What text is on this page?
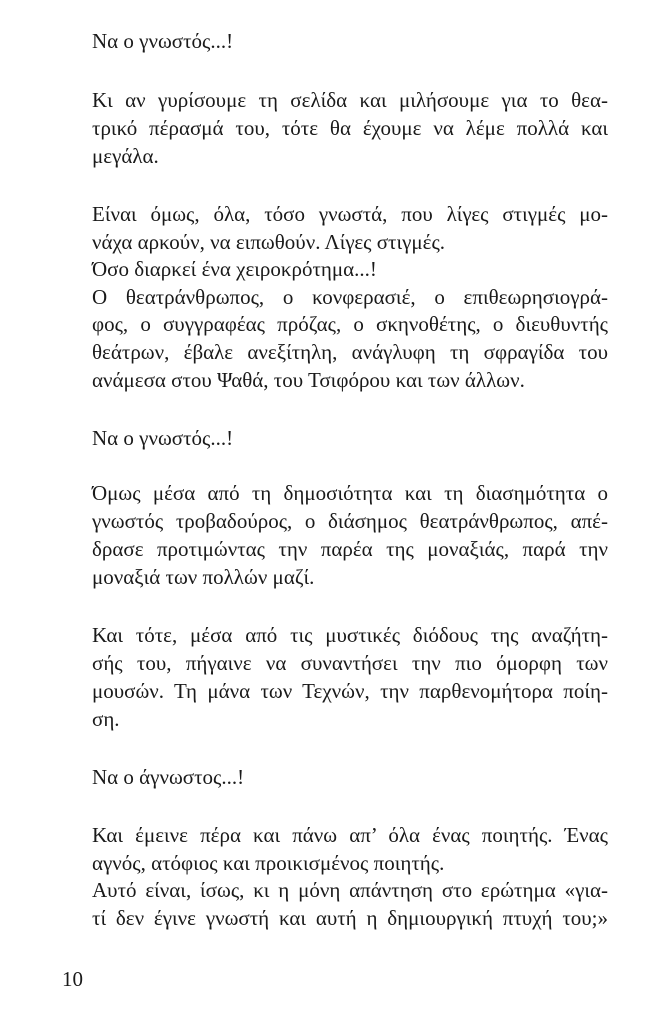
Να ο γνωστός...!
Κι αν γυρίσουμε τη σελίδα και μιλήσουμε για το θεα-
τρικό πέρασμά του, τότε θα έχουμε να λέμε πολλά και
μεγάλα.
Είναι όμως, όλα, τόσο γνωστά, που λίγες στιγμές μο-
νάχα αρκούν, να ειπωθούν. Λίγες στιγμές.
Όσο διαρκεί ένα χειροκρότημα...!
Ο θεατράνθρωπος, ο κονφερασιέ, ο επιθεωρησιογρά-
φος, ο συγγραφέας πρόζας, ο σκηνοθέτης, ο διευθυντής
θεάτρων, έβαλε ανεξίτηλη, ανάγλυφη τη σφραγίδα του
ανάμεσα στου Ψαθά, του Τσιφόρου και των άλλων.
Να ο γνωστός...!
Όμως μέσα από τη δημοσιότητα και τη διασημότητα ο
γνωστός τροβαδούρος, ο διάσημος θεατράνθρωπος, απέ-
δρασε προτιμώντας την παρέα της μοναξιάς, παρά την
μοναξιά των πολλών μαζί.
Και τότε, μέσα από τις μυστικές διόδους της αναζήτη-
σής του, πήγαινε να συναντήσει την πιο όμορφη των
μουσών. Τη μάνα των Τεχνών, την παρθενομήτορα ποίη-
ση.
Να ο άγνωστος...!
Και έμεινε πέρα και πάνω απ’ όλα ένας ποιητής. Ένας
αγνός, ατόφιος και προικισμένος ποιητής.
Αυτό είναι, ίσως, κι η μόνη απάντηση στο ερώτημα «για-
τί δεν έγινε γνωστή και αυτή η δημιουργική πτυχή του;»
10
